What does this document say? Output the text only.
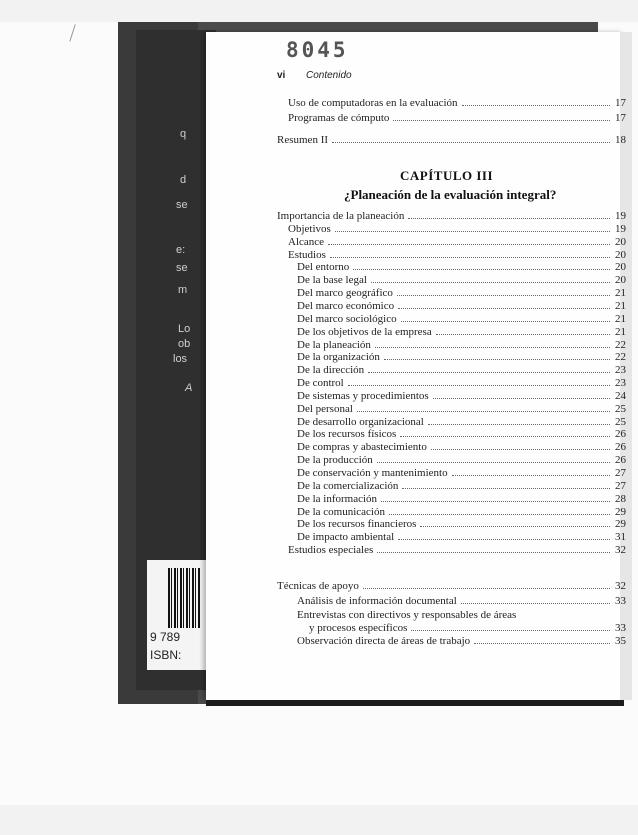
q
d
se
e:
se
m
Lo
ob
los
A
9 789
ISBN:
8045
vi Contenido
Uso de computadoras en la evaluación	17
Programas de cómputo	17
Resumen II	18
CAPÍTULO III
¿Planeación de la evaluación integral?
Importancia de la planeación	19
Objetivos	19
Alcance	20
Estudios	20
Del entorno	20
De la base legal	20
Del marco geográfico	21
Del marco económico	21
Del marco sociológico	21
De los objetivos de la empresa	21
De la planeación	22
De la organización	22
De la dirección	23
De control	23
De sistemas y procedimientos	24
Del personal	25
De desarrollo organizacional	25
De los recursos físicos	26
De compras y abastecimiento	26
De la producción	26
De conservación y mantenimiento	27
De la comercialización	27
De la información	28
De la comunicación	29
De los recursos financieros	29
De impacto ambiental	31
Estudios especiales	32
Técnicas de apoyo	32
Análisis de información documental	33
Entrevistas con directivos y responsables de áreas
y procesos específicos	33
Observación directa de áreas de trabajo	35
